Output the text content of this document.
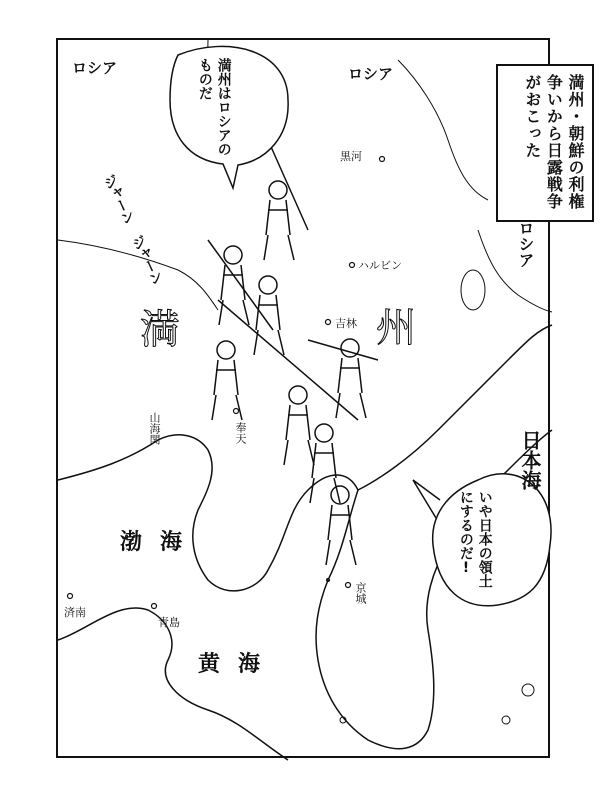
満州・朝鮮の利権争いから日露戦争がおこった
ロシア	ロシア
ロシア
満	州
日本海
渤海
黄海
黒河
ハルビン
吉林
山海関	奉天
済南
青島
京城
満州はロシアのものだ
いや日本の領土にするのだ!
ジャーン ジャーン
